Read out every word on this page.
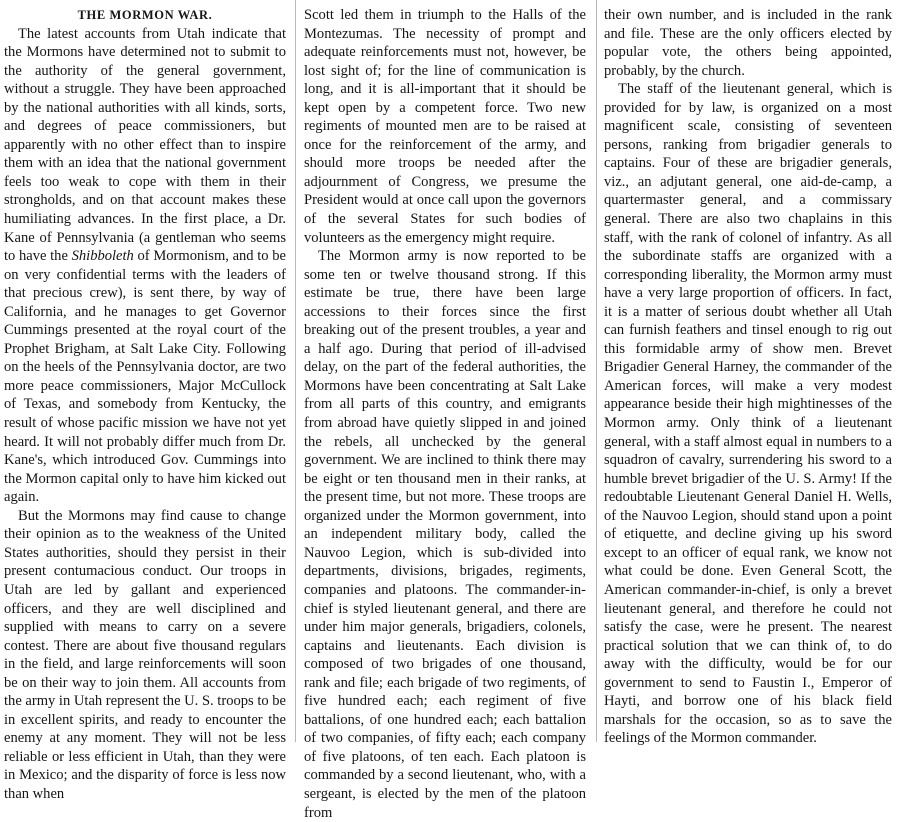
THE MORMON WAR.

The latest accounts from Utah indicate that the Mormons have determined not to submit to the authority of the general government, without a struggle. They have been approached by the national authorities with all kinds, sorts, and degrees of peace commissioners, but apparently with no other effect than to inspire them with an idea that the national government feels too weak to cope with them in their strongholds, and on that account makes these humiliating advances. In the first place, a Dr. Kane of Pennsylvania (a gentleman who seems to have the Shibboleth of Mormonism, and to be on very confidential terms with the leaders of that precious crew), is sent there, by way of California, and he manages to get Governor Cummings presented at the royal court of the Prophet Brigham, at Salt Lake City. Following on the heels of the Pennsylvania doctor, are two more peace commissioners, Major McCullock of Texas, and somebody from Kentucky, the result of whose pacific mission we have not yet heard. It will not probably differ much from Dr. Kane's, which introduced Gov. Cummings into the Mormon capital only to have him kicked out again.

But the Mormons may find cause to change their opinion as to the weakness of the United States authorities, should they persist in their present contumacious conduct. Our troops in Utah are led by gallant and experienced officers, and they are well disciplined and supplied with means to carry on a severe contest. There are about five thousand regulars in the field, and large reinforcements will soon be on their way to join them. All accounts from the army in Utah represent the U. S. troops to be in excellent spirits, and ready to encounter the enemy at any moment. They will not be less reliable or less efficient in Utah, than they were in Mexico; and the disparity of force is less now than when

Scott led them in triumph to the Halls of the Montezumas. The necessity of prompt and adequate reinforcements must not, however, be lost sight of; for the line of communication is long, and it is all-important that it should be kept open by a competent force. Two new regiments of mounted men are to be raised at once for the reinforcement of the army, and should more troops be needed after the adjournment of Congress, we presume the President would at once call upon the governors of the several States for such bodies of volunteers as the emergency might require.

The Mormon army is now reported to be some ten or twelve thousand strong. If this estimate be true, there have been large accessions to their forces since the first breaking out of the present troubles, a year and a half ago. During that period of ill-advised delay, on the part of the federal authorities, the Mormons have been concentrating at Salt Lake from all parts of this country, and emigrants from abroad have quietly slipped in and joined the rebels, all unchecked by the general government. We are inclined to think there may be eight or ten thousand men in their ranks, at the present time, but not more. These troops are organized under the Mormon government, into an independent military body, called the Nauvoo Legion, which is sub-divided into departments, divisions, brigades, regiments, companies and platoons. The commander-in-chief is styled lieutenant general, and there are under him major generals, brigadiers, colonels, captains and lieutenants. Each division is composed of two brigades of one thousand, rank and file; each brigade of two regiments, of five hundred each; each regiment of five battalions, of one hundred each; each battalion of two companies, of fifty each; each company of five platoons, of ten each. Each platoon is commanded by a second lieutenant, who, with a sergeant, is elected by the men of the platoon from

their own number, and is included in the rank and file. These are the only officers elected by popular vote, the others being appointed, probably, by the church.

The staff of the lieutenant general, which is provided for by law, is organized on a most magnificent scale, consisting of seventeen persons, ranking from brigadier generals to captains. Four of these are brigadier generals, viz., an adjutant general, one aid-de-camp, a quartermaster general, and a commissary general. There are also two chaplains in this staff, with the rank of colonel of infantry. As all the subordinate staffs are organized with a corresponding liberality, the Mormon army must have a very large proportion of officers. In fact, it is a matter of serious doubt whether all Utah can furnish feathers and tinsel enough to rig out this formidable army of show men. Brevet Brigadier General Harney, the commander of the American forces, will make a very modest appearance beside their high mightinesses of the Mormon army. Only think of a lieutenant general, with a staff almost equal in numbers to a squadron of cavalry, surrendering his sword to a humble brevet brigadier of the U. S. Army! If the redoubtable Lieutenant General Daniel H. Wells, of the Nauvoo Legion, should stand upon a point of etiquette, and decline giving up his sword except to an officer of equal rank, we know not what could be done. Even General Scott, the American commander-in-chief, is only a brevet lieutenant general, and therefore he could not satisfy the case, were he present. The nearest practical solution that we can think of, to do away with the difficulty, would be for our government to send to Faustin I., Emperor of Hayti, and borrow one of his black field marshals for the occasion, so as to save the feelings of the Mormon commander.
